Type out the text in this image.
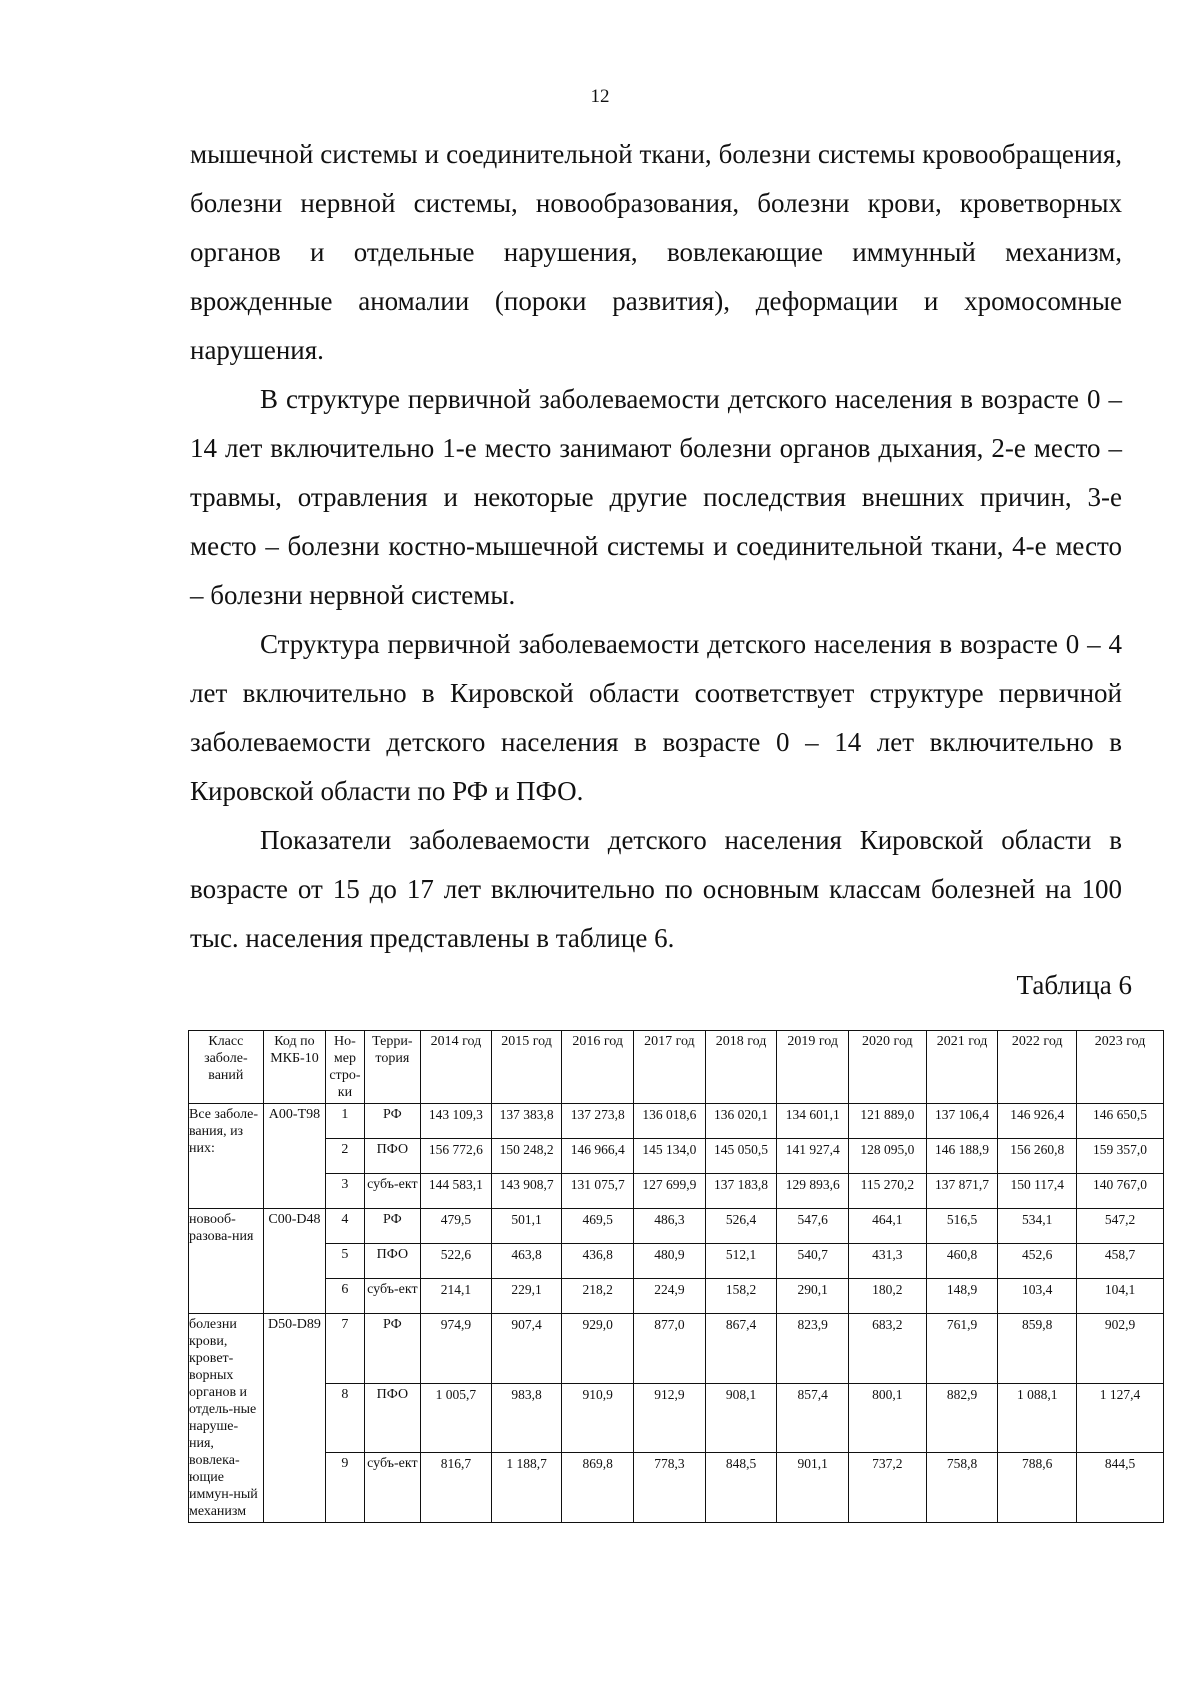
12

мышечной системы и соединительной ткани, болезни системы кровообращения, болезни нервной системы, новообразования, болезни крови, кроветворных органов и отдельные нарушения, вовлекающие иммунный механизм, врожденные аномалии (пороки развития), деформации и хромосомные нарушения.

В структуре первичной заболеваемости детского населения в возрасте 0 – 14 лет включительно 1-е место занимают болезни органов дыхания, 2-е место – травмы, отравления и некоторые другие последствия внешних причин, 3-е место – болезни костно-мышечной системы и соединительной ткани, 4-е место – болезни нервной системы.

Структура первичной заболеваемости детского населения в возрасте 0 – 4 лет включительно в Кировской области соответствует структуре первичной заболеваемости детского населения в возрасте 0 – 14 лет включительно в Кировской области по РФ и ПФО.

Показатели заболеваемости детского населения Кировской области в возрасте от 15 до 17 лет включительно по основным классам болезней на 100 тыс. населения представлены в таблице 6.

Таблица 6
Класс заболе-ваний	Код по МКБ-10	Но-мер стро-ки	Терри-тория	2014 год	2015 год	2016 год	2017 год	2018 год	2019 год	2020 год	2021 год	2022 год	2023 год
Все заболе-вания, из них:	A00-T98	1	РФ	143 109,3	137 383,8	137 273,8	136 018,6	136 020,1	134 601,1	121 889,0	137 106,4	146 926,4	146 650,5
		2	ПФО	156 772,6	150 248,2	146 966,4	145 134,0	145 050,5	141 927,4	128 095,0	146 188,9	156 260,8	159 357,0
		3	субъ-ект	144 583,1	143 908,7	131 075,7	127 699,9	137 183,8	129 893,6	115 270,2	137 871,7	150 117,4	140 767,0
новооб-разова-ния	C00-D48	4	РФ	479,5	501,1	469,5	486,3	526,4	547,6	464,1	516,5	534,1	547,2
		5	ПФО	522,6	463,8	436,8	480,9	512,1	540,7	431,3	460,8	452,6	458,7
		6	субъ-ект	214,1	229,1	218,2	224,9	158,2	290,1	180,2	148,9	103,4	104,1
болезни крови, кровет-ворных органов и отдель-ные наруше-ния, вовлека-ющие иммун-ный механизм	D50-D89	7	РФ	974,9	907,4	929,0	877,0	867,4	823,9	683,2	761,9	859,8	902,9
		8	ПФО	1 005,7	983,8	910,9	912,9	908,1	857,4	800,1	882,9	1 088,1	1 127,4
		9	субъ-ект	816,7	1 188,7	869,8	778,3	848,5	901,1	737,2	758,8	788,6	844,5
